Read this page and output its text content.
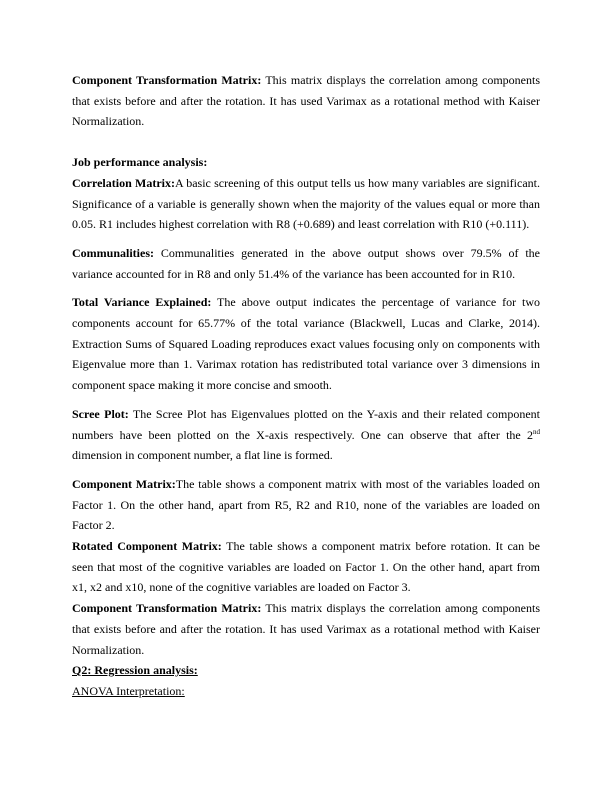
Component Transformation Matrix: This matrix displays the correlation among components that exists before and after the rotation. It has used Varimax as a rotational method with Kaiser Normalization.

Job performance analysis:

Correlation Matrix:A basic screening of this output tells us how many variables are significant. Significance of a variable is generally shown when the majority of the values equal or more than 0.05. R1 includes highest correlation with R8 (+0.689) and least correlation with R10 (+0.111).

Communalities: Communalities generated in the above output shows over 79.5% of the variance accounted for in R8 and only 51.4% of the variance has been accounted for in R10.

Total Variance Explained: The above output indicates the percentage of variance for two components account for 65.77% of the total variance (Blackwell, Lucas and Clarke, 2014). Extraction Sums of Squared Loading reproduces exact values focusing only on components with Eigenvalue more than 1. Varimax rotation has redistributed total variance over 3 dimensions in component space making it more concise and smooth.

Scree Plot: The Scree Plot has Eigenvalues plotted on the Y-axis and their related component numbers have been plotted on the X-axis respectively. One can observe that after the 2nd dimension in component number, a flat line is formed.

Component Matrix:The table shows a component matrix with most of the variables loaded on Factor 1. On the other hand, apart from R5, R2 and R10, none of the variables are loaded on Factor 2.

Rotated Component Matrix: The table shows a component matrix before rotation. It can be seen that most of the cognitive variables are loaded on Factor 1. On the other hand, apart from x1, x2 and x10, none of the cognitive variables are loaded on Factor 3.

Component Transformation Matrix: This matrix displays the correlation among components that exists before and after the rotation. It has used Varimax as a rotational method with Kaiser Normalization.

Q2: Regression analysis:

ANOVA Interpretation:
